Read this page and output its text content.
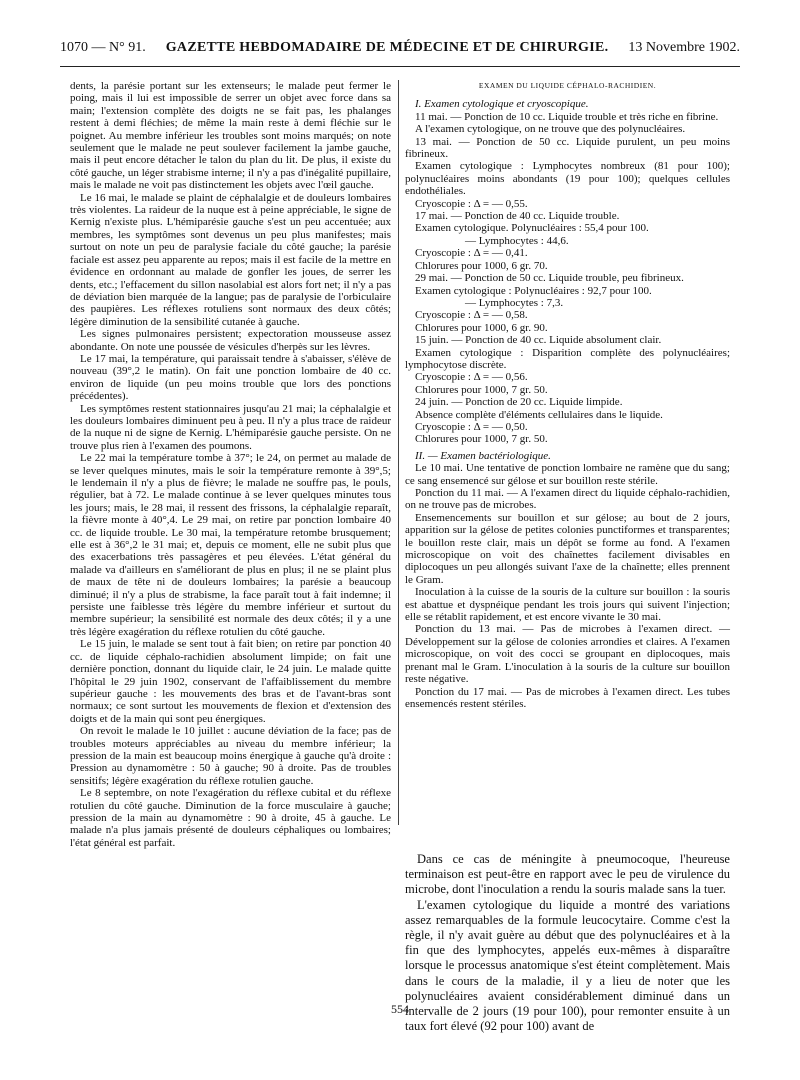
1070 — N° 91. GAZETTE HEBDOMADAIRE DE MÉDECINE ET DE CHIRURGIE. 13 Novembre 1902.

dents, la parésie portant sur les extenseurs; le malade peut fermer le poing, mais il lui est impossible de serrer un objet avec force dans sa main; l'extension complète des doigts ne se fait pas, les phalanges restent à demi fléchies; de même la main reste à demi fléchie sur le poignet. Au membre inférieur les troubles sont moins marqués; on note seulement que le malade ne peut soulever facilement la jambe gauche, mais il peut encore détacher le talon du plan du lit. De plus, il existe du côté gauche, un léger strabisme interne; il n'y a pas d'inégalité pupillaire, mais le malade ne voit pas distinctement les objets avec l'œil gauche.

Le 16 mai, le malade se plaint de céphalalgie et de douleurs lombaires très violentes. La raideur de la nuque est à peine appréciable, le signe de Kernig n'existe plus. L'hémiparésie gauche s'est un peu accentuée; aux membres, les symptômes sont devenus un peu plus manifestes; mais surtout on note un peu de paralysie faciale du côté gauche; la parésie faciale est assez peu apparente au repos; mais il est facile de la mettre en évidence en ordonnant au malade de gonfler les joues, de serrer les dents, etc.; l'effacement du sillon nasolabial est alors fort net; il n'y a pas de déviation bien marquée de la langue; pas de paralysie de l'orbiculaire des paupières. Les réflexes rotuliens sont normaux des deux côtés; légère diminution de la sensibilité cutanée à gauche.

Les signes pulmonaires persistent; expectoration mousseuse assez abondante. On note une poussée de vésicules d'herpès sur les lèvres.

Le 17 mai, la température, qui paraissait tendre à s'abaisser, s'élève de nouveau (39°,2 le matin). On fait une ponction lombaire de 40 cc. environ de liquide (un peu moins trouble que lors des ponctions précédentes).

Les symptômes restent stationnaires jusqu'au 21 mai; la céphalalgie et les douleurs lombaires diminuent peu à peu. Il n'y a plus trace de raideur de la nuque ni de signe de Kernig. L'hémiparésie gauche persiste. On ne trouve plus rien à l'examen des poumons.

Le 22 mai la température tombe à 37°; le 24, on permet au malade de se lever quelques minutes, mais le soir la température remonte à 39°,5; le lendemain il n'y a plus de fièvre; le malade ne souffre pas, le pouls, régulier, bat à 72. Le malade continue à se lever quelques minutes tous les jours; mais, le 28 mai, il ressent des frissons, la céphalalgie reparaît, la fièvre monte à 40°,4. Le 29 mai, on retire par ponction lombaire 40 cc. de liquide trouble. Le 30 mai, la température retombe brusquement; elle est à 36°,2 le 31 mai; et, depuis ce moment, elle ne subit plus que des exacerbations très passagères et peu élevées. L'état général du malade va d'ailleurs en s'améliorant de plus en plus; il ne se plaint plus de maux de tête ni de douleurs lombaires; la parésie a beaucoup diminué; il n'y a plus de strabisme, la face paraît tout à fait indemne; il persiste une faiblesse très légère du membre inférieur et surtout du membre supérieur; la sensibilité est normale des deux côtés; il y a une très légère exagération du réflexe rotulien du côté gauche.

Le 15 juin, le malade se sent tout à fait bien; on retire par ponction 40 cc. de liquide céphalo-rachidien absolument limpide; on fait une dernière ponction, donnant du liquide clair, le 24 juin. Le malade quitte l'hôpital le 29 juin 1902, conservant de l'affaiblissement du membre supérieur gauche : les mouvements des bras et de l'avant-bras sont normaux; ce sont surtout les mouvements de flexion et d'extension des doigts et de la main qui sont peu énergiques.

On revoit le malade le 10 juillet : aucune déviation de la face; pas de troubles moteurs appréciables au niveau du membre inférieur; la pression de la main est beaucoup moins énergique à gauche qu'à droite : Pression au dynamomètre : 50 à gauche; 90 à droite. Pas de troubles sensitifs; légère exagération du réflexe rotulien gauche.

Le 8 septembre, on note l'exagération du réflexe cubital et du réflexe rotulien du côté gauche. Diminution de la force musculaire à gauche; pression de la main au dynamomètre : 90 à droite, 45 à gauche. Le malade n'a plus jamais présenté de douleurs céphaliques ou lombaires; l'état général est parfait.

EXAMEN DU LIQUIDE CÉPHALO-RACHIDIEN.

I. Examen cytologique et cryoscopique.

11 mai. — Ponction de 10 cc. Liquide trouble et très riche en fibrine.

A l'examen cytologique, on ne trouve que des polynucléaires.

13 mai. — Ponction de 50 cc. Liquide purulent, un peu moins fibrineux.

Examen cytologique : Lymphocytes nombreux (81 pour 100); polynucléaires moins abondants (19 pour 100); quelques cellules endothéliales.

Cryoscopie : Δ = — 0,55.

17 mai. — Ponction de 40 cc. Liquide trouble.

Examen cytologique. Polynucléaires : 55,4 pour 100.

— Lymphocytes : 44,6.

Cryoscopie : Δ = — 0,41.

Chlorures pour 1000, 6 gr. 70.

29 mai. — Ponction de 50 cc. Liquide trouble, peu fibrineux.

Examen cytologique : Polynucléaires : 92,7 pour 100.

— Lymphocytes : 7,3.

Cryoscopie : Δ = — 0,58.

Chlorures pour 1000, 6 gr. 90.

15 juin. — Ponction de 40 cc. Liquide absolument clair.

Examen cytologique : Disparition complète des polynucléaires; lymphocytose discrète.

Cryoscopie : Δ = — 0,56.

Chlorures pour 1000, 7 gr. 50.

24 juin. — Ponction de 20 cc. Liquide limpide.

Absence complète d'éléments cellulaires dans le liquide.

Cryoscopie : Δ = — 0,50.

Chlorures pour 1000, 7 gr. 50.

II. — Examen bactériologique.

Le 10 mai. Une tentative de ponction lombaire ne ramène que du sang; ce sang ensemencé sur gélose et sur bouillon reste stérile.

Ponction du 11 mai. — A l'examen direct du liquide céphalo-rachidien, on ne trouve pas de microbes.

Ensemencements sur bouillon et sur gélose; au bout de 2 jours, apparition sur la gélose de petites colonies punctiformes et transparentes; le bouillon reste clair, mais un dépôt se forme au fond. A l'examen microscopique on voit des chaînettes facilement divisables en diplocoques un peu allongés suivant l'axe de la chaînette; elles prennent le Gram.

Inoculation à la cuisse de la souris de la culture sur bouillon : la souris est abattue et dyspnéique pendant les trois jours qui suivent l'injection; elle se rétablit rapidement, et est encore vivante le 30 mai.

Ponction du 13 mai. — Pas de microbes à l'examen direct. — Développement sur la gélose de colonies arrondies et claires. A l'examen microscopique, on voit des cocci se groupant en diplocoques, mais prenant mal le Gram. L'inoculation à la souris de la culture sur bouillon reste négative.

Ponction du 17 mai. — Pas de microbes à l'examen direct. Les tubes ensemencés restent stériles.

Dans ce cas de méningite à pneumocoque, l'heureuse terminaison est peut-être en rapport avec le peu de virulence du microbe, dont l'inoculation a rendu la souris malade sans la tuer.

L'examen cytologique du liquide a montré des variations assez remarquables de la formule leucocytaire. Comme c'est la règle, il n'y avait guère au début que des polynucléaires et à la fin que des lymphocytes, appelés eux-mêmes à disparaître lorsque le processus anatomique s'est éteint complètement. Mais dans le cours de la maladie, il y a lieu de noter que les polynucléaires avaient considérablement diminué dans un intervalle de 2 jours (19 pour 100), pour remonter ensuite à un taux fort élevé (92 pour 100) avant de

554
